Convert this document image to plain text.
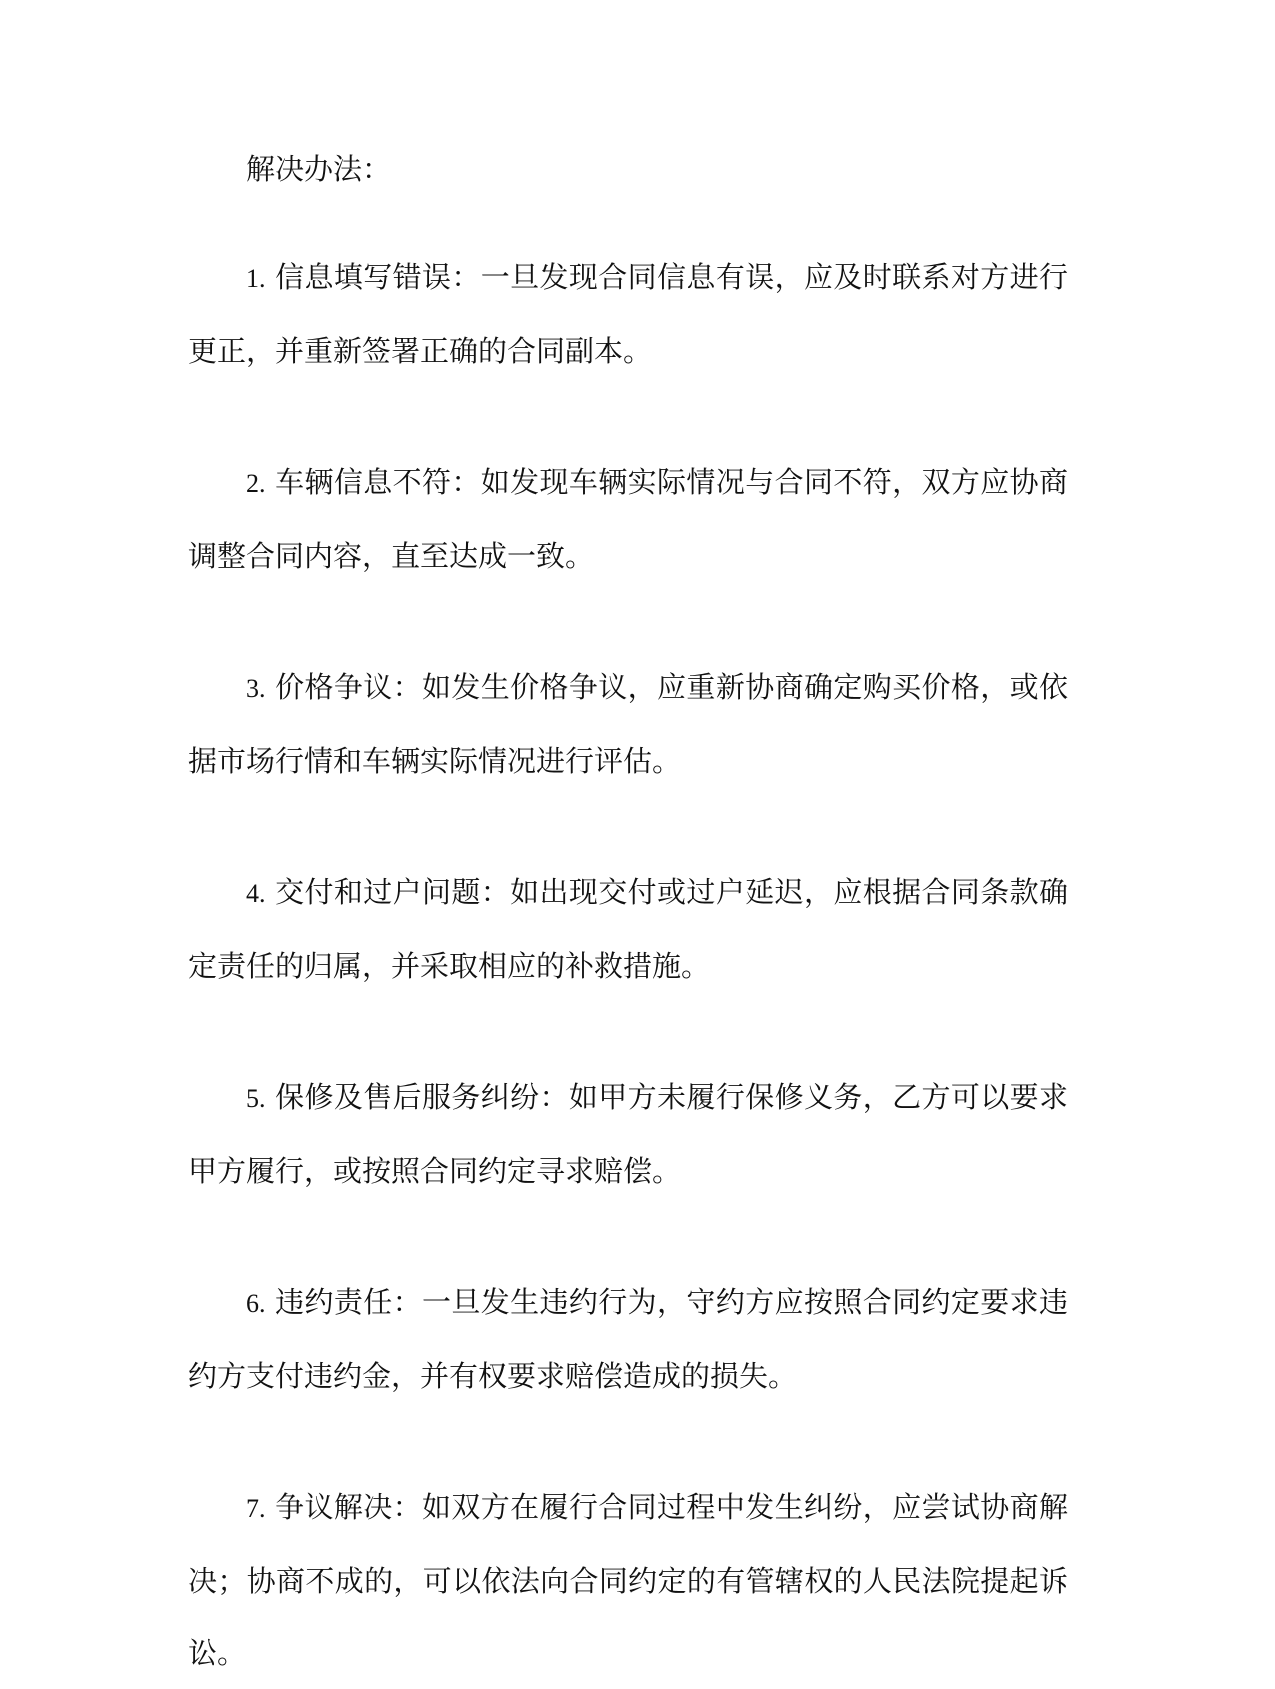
解决办法：

1. 信息填写错误：一旦发现合同信息有误，应及时联系对方进行更正，并重新签署正确的合同副本。

2. 车辆信息不符：如发现车辆实际情况与合同不符，双方应协商调整合同内容，直至达成一致。

3. 价格争议：如发生价格争议，应重新协商确定购买价格，或依据市场行情和车辆实际情况进行评估。

4. 交付和过户问题：如出现交付或过户延迟，应根据合同条款确定责任的归属，并采取相应的补救措施。

5. 保修及售后服务纠纷：如甲方未履行保修义务，乙方可以要求甲方履行，或按照合同约定寻求赔偿。

6. 违约责任：一旦发生违约行为，守约方应按照合同约定要求违约方支付违约金，并有权要求赔偿造成的损失。

7. 争议解决：如双方在履行合同过程中发生纠纷，应尝试协商解决；协商不成的，可以依法向合同约定的有管辖权的人民法院提起诉讼。
